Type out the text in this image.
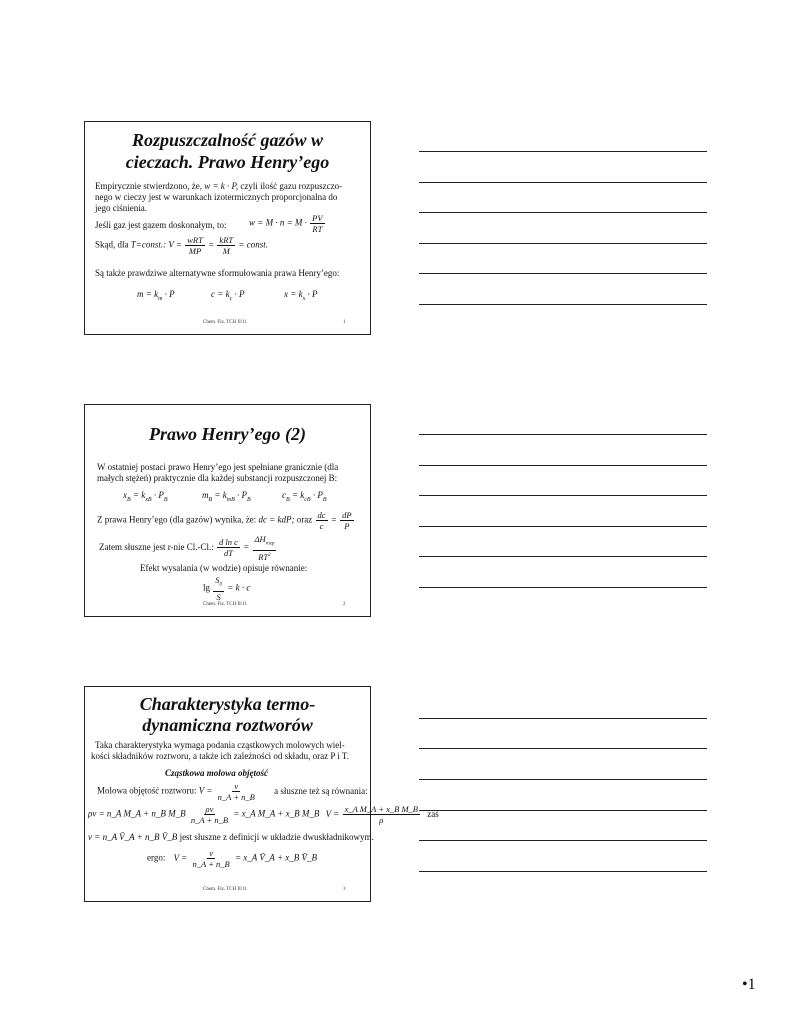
Rozpuszczalność gazów w
cieczach. Prawo Henry’ego
Empirycznie stwierdzono, że, w = k · P, czyli ilość gazu rozpuszczo-
nego w cieczy jest w warunkach izotermicznych proporcjonalna do
jego ciśnienia.
Jeśli gaz jest gazem doskonałym, to:	$w = M \cdot n = M \cdot \frac{PV}{RT}$
Skąd, dla T=const.: $V = \frac{\text{wRT}}{MP} = \frac{\text{kRT}}{M}$ = const.
Są także prawdziwe alternatywne sformułowania prawa Henry’ego:
$m = k_m \cdot P$	$c = k_c \cdot P$	$x = k_x \cdot P$
Chem. Fiz. TCH II/11	1
Prawo Henry’ego (2)
W ostatniej postaci prawo Henry’ego jest spełniane granicznie (dla
małych stężeń) praktycznie dla każdej substancji rozpuszczonej B:
$x_B = k_{xB} \cdot P_B$	$m_B = k_{mB} \cdot P_B$	$c_B = k_{cB} \cdot P_B$
Z prawa Henry’ego (dla gazów) wynika, że: dc = kdP; oraz $\frac{dc}{c} = \frac{dP}{P}$
Zatem słuszne jest r-nie Cl.-Cl.: $\frac{\text{d ln c}}{dT} = \frac{\Delta H_{rozp}}{RT^2}$
Efekt wysalania (w wodzie) opisuje równanie:
$\lg \frac{S_0}{S} = k \cdot c$
Chem. Fiz. TCH II/11	2
Charakterystyka termo-
dynamiczna roztworów
Taka charakterystyka wymaga podania cząstkowych molowych wiel-
kości składników roztworu, a także ich zależności od składu, oraz P i T.
Cząstkowa molowa objętość
Molowa objętość roztworu: $V = \frac{v}{n\_A + n\_B}$ a słuszne też są równania:
ρv = n_A M_A + n_B M_B $\frac{\rho v}{n\_A + n\_B}$ = x_A M_A + x_B M_B $V = \frac{\text{x\_A M\_A + x\_B M\_B}}{\rho}$ zaś
v = n_A V̄_A + n_B V̄_B jest słuszne z definicji w układzie dwuskładnikowym.
ergo: $V = \frac{v}{n\_A + n\_B}$ = x_A V̄_A + x_B V̄_B
Chem. Fiz. TCH II/11	3
•1
